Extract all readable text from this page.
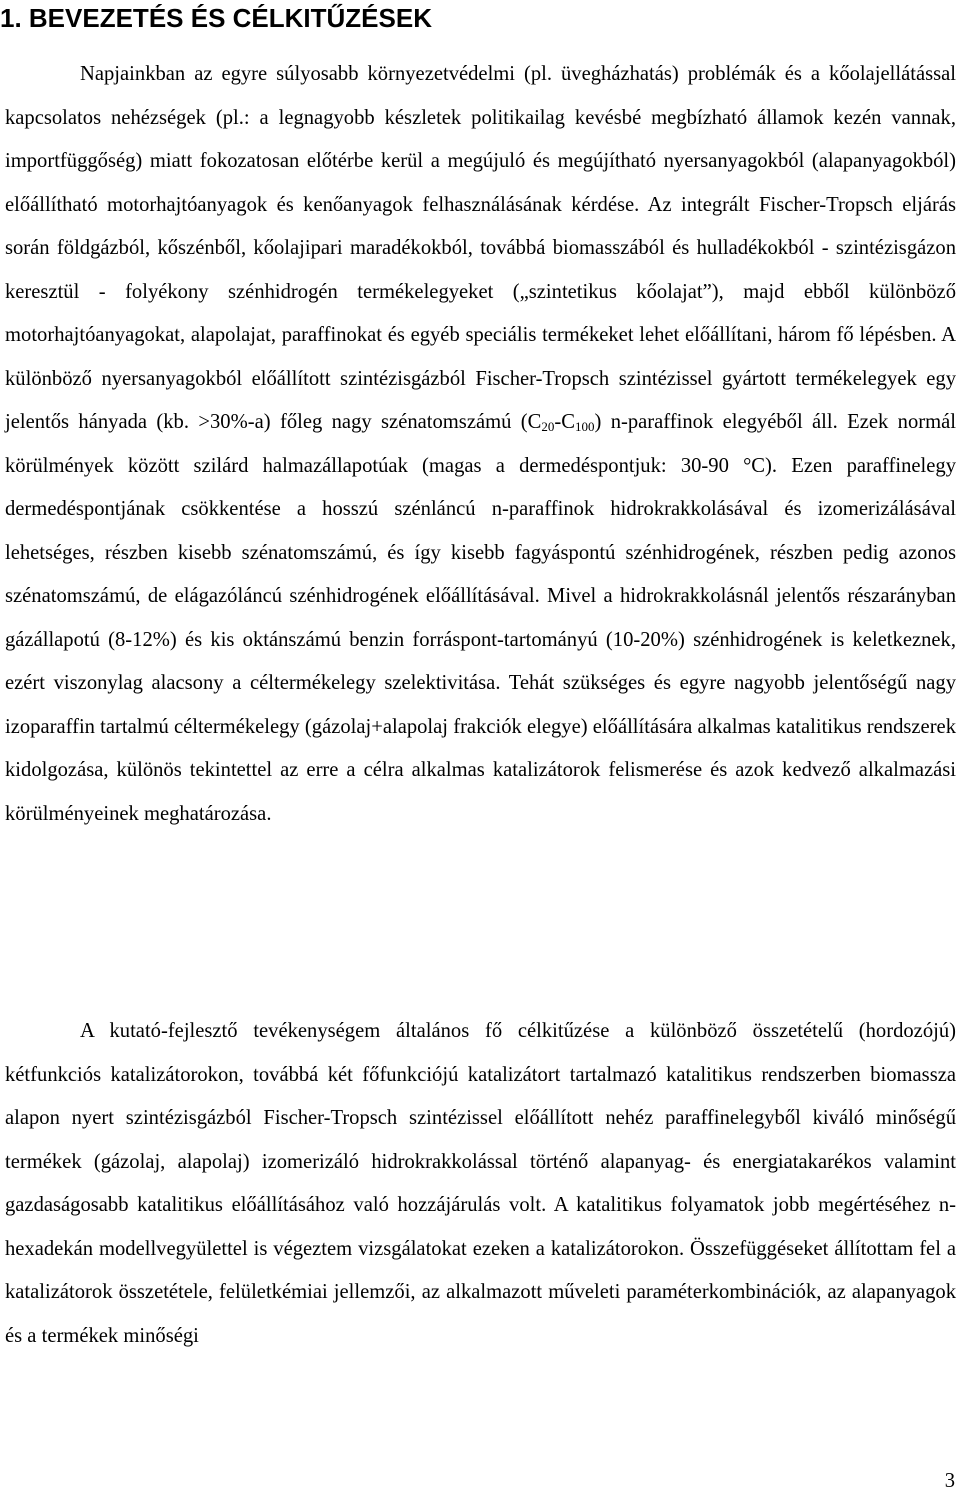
1. BEVEZETÉS ÉS CÉLKITŰZÉSEK

Napjainkban az egyre súlyosabb környezetvédelmi (pl. üvegházhatás) problémák és a kőolajellátással kapcsolatos nehézségek (pl.: a legnagyobb készletek politikailag kevésbé megbízható államok kezén vannak, importfüggőség) miatt fokozatosan előtérbe kerül a megújuló és megújítható nyersanyagokból (alapanyagokból) előállítható motorhajtóanyagok és kenőanyagok felhasználásának kérdése. Az integrált Fischer-Tropsch eljárás során földgázból, kőszénből, kőolajipari maradékokból, továbbá biomasszából és hulladékokból - szintézisgázon keresztül - folyékony szénhidrogén termékelegyeket („szintetikus kőolajat”), majd ebből különböző motorhajtóanyagokat, alapolajat, paraffinokat és egyéb speciális termékeket lehet előállítani, három fő lépésben. A különböző nyersanyagokból előállított szintézisgázból Fischer-Tropsch szintézissel gyártott termékelegyek egy jelentős hányada (kb. >30%-a) főleg nagy szénatomszámú $(C_{20}-C_{100})$ n-paraffinok elegyéből áll. Ezek normál körülmények között szilárd halmazállapotúak (magas a dermedéspontjuk: 30-90 °C). Ezen paraffinelegy dermedéspontjának csökkentése a hosszú szénláncú n-paraffinok hidrokrakkolásával és izomerizálásával lehetséges, részben kisebb szénatomszámú, és így kisebb fagyáspontú szénhidrogének, részben pedig azonos szénatomszámú, de elágazóláncú szénhidrogének előállításával. Mivel a hidrokrakkolásnál jelentős részarányban gázállapotú (8-12%) és kis oktánszámú benzin forráspont-tartományú (10-20%) szénhidrogének is keletkeznek, ezért viszonylag alacsony a céltermékelegy szelektivitása. Tehát szükséges és egyre nagyobb jelentőségű nagy izoparaffin tartalmú céltermékelegy (gázolaj+alapolaj frakciók elegye) előállítására alkalmas katalitikus rendszerek kidolgozása, különös tekintettel az erre a célra alkalmas katalizátorok felismerése és azok kedvező alkalmazási körülményeinek meghatározása.

A kutató-fejlesztő tevékenységem általános fő célkitűzése a különböző összetételű (hordozójú) kétfunkciós katalizátorokon, továbbá két főfunkciójú katalizátort tartalmazó katalitikus rendszerben biomassza alapon nyert szintézisgázból Fischer-Tropsch szintézissel előállított nehéz paraffinelegyből kiváló minőségű termékek (gázolaj, alapolaj) izomerizáló hidrokrakkolással történő alapanyag- és energiatakarékos valamint gazdaságosabb katalitikus előállításához való hozzájárulás volt. A katalitikus folyamatok jobb megértéséhez n-hexadekán modellvegyülettel is végeztem vizsgálatokat ezeken a katalizátorokon. Összefüggéseket állítottam fel a katalizátorok összetétele, felületkémiai jellemzői, az alkalmazott műveleti paraméterkombinációk, az alapanyagok és a termékek minőségi

3
